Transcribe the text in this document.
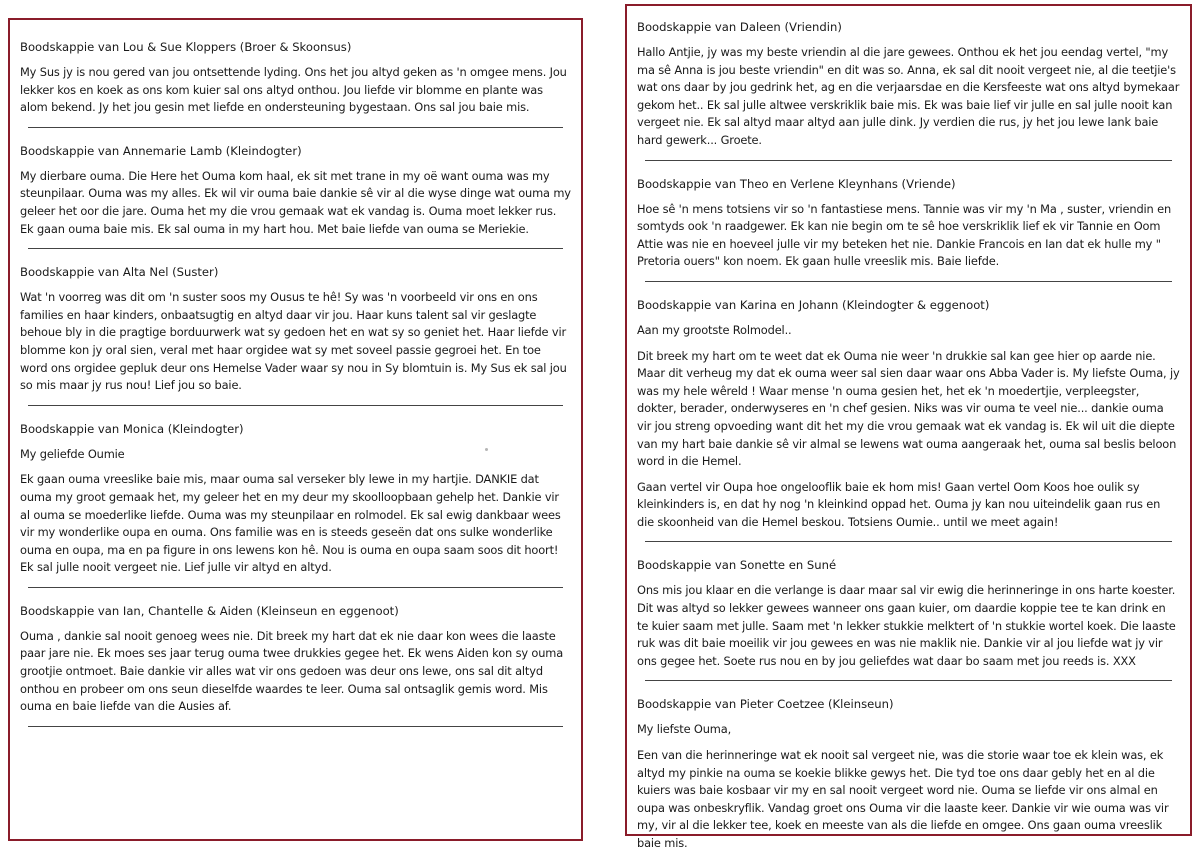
Boodskappie van Lou & Sue Kloppers (Broer & Skoonsus)
My Sus jy is nou gered van jou ontsettende lyding. Ons het jou altyd geken as 'n omgee mens. Jou lekker kos en koek as ons kom kuier sal ons altyd onthou. Jou liefde vir blomme en plante was alom bekend. Jy het jou gesin met liefde en ondersteuning bygestaan. Ons sal jou baie mis.
Boodskappie van Annemarie Lamb (Kleindogter)
My dierbare ouma. Die Here het Ouma kom haal, ek sit met trane in my oë want ouma was my steunpilaar. Ouma was my alles. Ek wil vir ouma baie dankie sê vir al die wyse dinge wat ouma my geleer het oor die jare. Ouma het my die vrou gemaak wat ek vandag is. Ouma moet lekker rus. Ek gaan ouma baie mis. Ek sal ouma in my hart hou. Met baie liefde van ouma se Meriekie.
Boodskappie van Alta Nel (Suster)
Wat 'n voorreg was dit om 'n suster soos my Ousus te hê! Sy was 'n voorbeeld vir ons en ons families en haar kinders, onbaatsugtig en altyd daar vir jou. Haar kuns talent sal vir geslagte behoue bly in die pragtige borduurwerk wat sy gedoen het en wat sy so geniet het. Haar liefde vir blomme kon jy oral sien, veral met haar orgidee wat sy met soveel passie gegroei het. En toe word ons orgidee gepluk deur ons Hemelse Vader waar sy nou in Sy blomtuin is. My Sus ek sal jou so mis maar jy rus nou! Lief jou so baie.
Boodskappie van Monica (Kleindogter)
My geliefde Oumie
Ek gaan ouma vreeslike baie mis, maar ouma sal verseker bly lewe in my hartjie. DANKIE dat ouma my groot gemaak het, my geleer het en my deur my skoolloopbaan gehelp het. Dankie vir al ouma se moederlike liefde. Ouma was my steunpilaar en rolmodel. Ek sal ewig dankbaar wees vir my wonderlike oupa en ouma. Ons familie was en is steeds geseën dat ons sulke wonderlike ouma en oupa, ma en pa figure in ons lewens kon hê. Nou is ouma en oupa saam soos dit hoort! Ek sal julle nooit vergeet nie. Lief julle vir altyd en altyd.
Boodskappie van Ian, Chantelle & Aiden (Kleinseun en eggenoot)
Ouma , dankie sal nooit genoeg wees nie. Dit breek my hart dat ek nie daar kon wees die laaste paar jare nie. Ek moes ses jaar terug ouma twee drukkies gegee het. Ek wens Aiden kon sy ouma grootjie ontmoet. Baie dankie vir alles wat vir ons gedoen was deur ons lewe, ons sal dit altyd onthou en probeer om ons seun dieselfde waardes te leer. Ouma sal ontsaglik gemis word. Mis ouma en baie liefde van die Ausies af.
Boodskappie van Daleen (Vriendin)
Hallo Antjie, jy was my beste vriendin al die jare gewees. Onthou ek het jou eendag vertel, "my ma sê Anna is jou beste vriendin" en dit was so. Anna, ek sal dit nooit vergeet nie, al die teetjie's wat ons daar by jou gedrink het, ag en die verjaarsdae en die Kersfeeste wat ons altyd bymekaar gekom het.. Ek sal julle altwee verskriklik baie mis. Ek was baie lief vir julle en sal julle nooit kan vergeet nie. Ek sal altyd maar altyd aan julle dink. Jy verdien die rus, jy het jou lewe lank baie hard gewerk... Groete.
Boodskappie van Theo en Verlene Kleynhans (Vriende)
Hoe sê 'n mens totsiens vir so 'n fantastiese mens. Tannie was vir my 'n Ma , suster, vriendin en somtyds ook 'n raadgewer. Ek kan nie begin om te sê hoe verskriklik lief ek vir Tannie en Oom Attie was nie en hoeveel julle vir my beteken het nie. Dankie Francois en Ian dat ek hulle my " Pretoria ouers" kon noem. Ek gaan hulle vreeslik mis. Baie liefde.
Boodskappie van Karina en Johann (Kleindogter & eggenoot)
Aan my grootste Rolmodel..
Dit breek my hart om te weet dat ek Ouma nie weer 'n drukkie sal kan gee hier op aarde nie. Maar dit verheug my dat ek ouma weer sal sien daar waar ons Abba Vader is. My liefste Ouma, jy was my hele wêreld ! Waar mense 'n ouma gesien het, het ek 'n moedertjie, verpleegster, dokter, berader, onderwyseres en 'n chef gesien. Niks was vir ouma te veel nie... dankie ouma vir jou streng opvoeding want dit het my die vrou gemaak wat ek vandag is. Ek wil uit die diepte van my hart baie dankie sê vir almal se lewens wat ouma aangeraak het, ouma sal beslis beloon word in die Hemel.
Gaan vertel vir Oupa hoe ongelooflik baie ek hom mis! Gaan vertel Oom Koos hoe oulik sy kleinkinders is, en dat hy nog 'n kleinkind oppad het. Ouma jy kan nou uiteindelik gaan rus en die skoonheid van die Hemel beskou. Totsiens Oumie.. until we meet again!
Boodskappie van Sonette en Suné
Ons mis jou klaar en die verlange is daar maar sal vir ewig die herinneringe in ons harte koester. Dit was altyd so lekker gewees wanneer ons gaan kuier, om daardie koppie tee te kan drink en te kuier saam met julle. Saam met 'n lekker stukkie melktert of 'n stukkie wortel koek. Die laaste ruk was dit baie moeilik vir jou gewees en was nie maklik nie. Dankie vir al jou liefde wat jy vir ons gegee het. Soete rus nou en by jou geliefdes wat daar bo saam met jou reeds is. XXX
Boodskappie van Pieter Coetzee (Kleinseun)
My liefste Ouma,
Een van die herinneringe wat ek nooit sal vergeet nie, was die storie waar toe ek klein was, ek altyd my pinkie na ouma se koekie blikke gewys het. Die tyd toe ons daar gebly het en al die kuiers was baie kosbaar vir my en sal nooit vergeet word nie. Ouma se liefde vir ons almal en oupa was onbeskryflik. Vandag groet ons Ouma vir die laaste keer. Dankie vir wie ouma was vir my, vir al die lekker tee, koek en meeste van als die liefde en omgee. Ons gaan ouma vreeslik baie mis.
